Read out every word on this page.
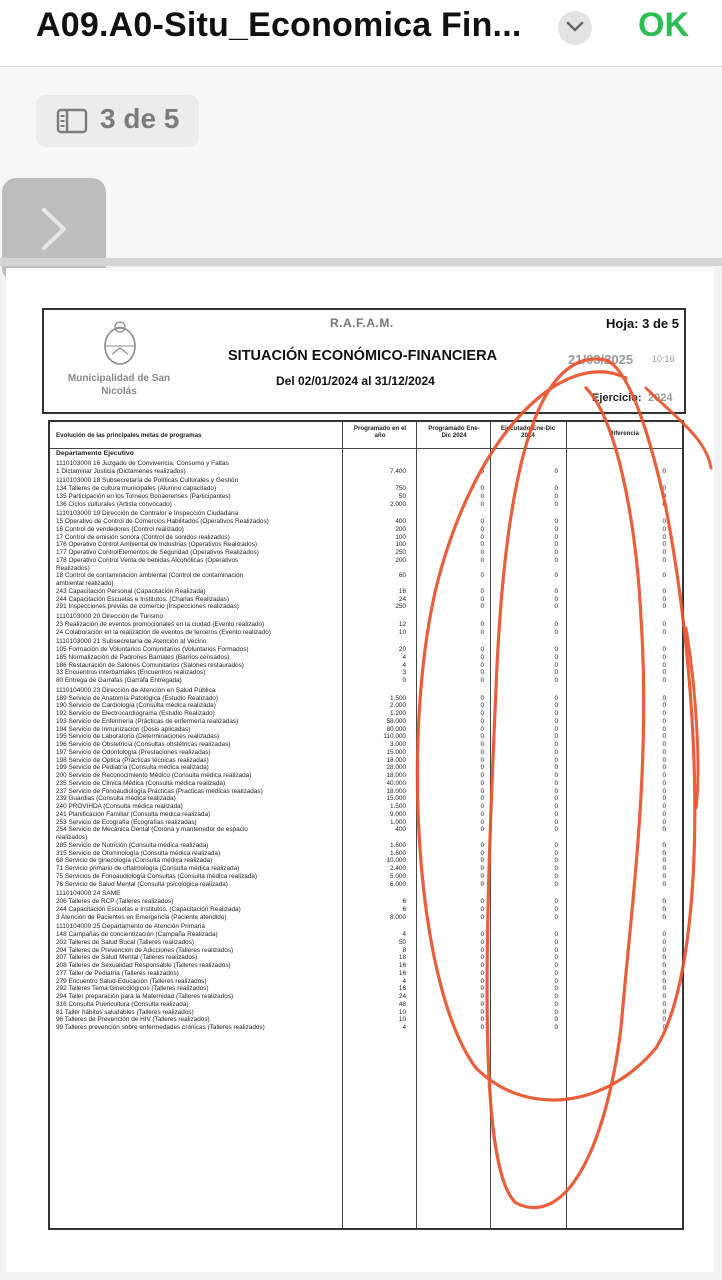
A09.A0-Situ_Economica Fin...	OK
3 de 5
Municipalidad de San Nicolás
R.A.F.A.M.	Hoja: 3 de 5
SITUACIÓN ECONÓMICO-FINANCIERA	21/03/2025 10:16
Del 02/01/2024 al 31/12/2024
Ejercicio: 2024
Evolución de las principales metas de programas
Programado en el año
Programado Ene-Dic 2024
Ejecutado Ene-Dic 2024	Diferencia
Departamento Ejecutivo
1110103000 16 Juzgado de Convivencia, Consumo y Faltas
1 Dictaminar Justicia (Dictámenes realizados)	7.400	0	0	0
1110103000 18 Subsecretaría de Políticas Culturales y Gestión
134 Talleres de cultura municipales (Alumno capacitado)	750	0	0	0
135 Participación en los Torneos Bonaerenses (Participantes)	50	0	0	0
136 Ciclos culturales (Artista convocado)	2.000	0	0	0
1110103000 19 Dirección de Contralor e Inspección Ciudadana
15 Operativo de Control de Comercios Habilitados (Operativos Realizados)	400	0	0	0
16 Control de vendedores (Control realizado)	200	0	0	0
17 Control de emisión sonora (Control de sonidos realizados)	100	0	0	0
176 Operativo Control Ambiental de Industrias (Operativos Realizados)	100	0	0	0
177 Operativo ControlElementos de Seguridad (Operativos Realizados)	250	0	0	0
178 Operativo Control Venta de bebidas Alcohólicas (Operativos	200	0	0	0
Realizados)
18 Control de contaminación ambiental (Control de contaminación	60	0	0	0
ambiental realizado)
243 Capacitación Personal (Capacitación Realizada)	16	0	0	0
244 Capacitación Escuelas e Institutos. (Charlas Realizadas)	24	0	0	0
291 Inspecciones previas de comercio (Inspecciones realizadas)	250	0	0	0
1110103000 20 Dirección de Turismo
23 Realización de eventos promocionales en la ciudad (Evento realizado)	12	0	0	0
24 Colaboración en la realización de eventos de terceros (Evento realizado)	10	0	0	0
1110103000 21 Subsecretaría de Atención al Vecino
105 Formación de Voluntarios Comunitarios (Voluntarios Formados)	20	0	0	0
185 Normalización de Padrones Barriales (Barrios censados)	4	0	0	0
186 Restauración de Salones Comunitarios (Salones restaurados)	4	0	0	0
33 Encuentros interbarriales (Encuentros realizados)	3	0	0	0
80 Entrega de Garrafas (Garrafa Entregada)	0	0	0	0
1110104000 23 Dirección de Atención en Salud Pública
189 Servicio de Anatomía Patológica (Estudio Realizado)	1.500	0	0	0
190 Servicio de Cardiología (Consulta médica realizada)	2.000	0	0	0
192 Servicio de Electrocardiograma (Estudio Realizado)	1.200	0	0	0
193 Servicio de Enfermería (Prácticas de enfermería realizadas)	58.000	0	0	0
194 Servicio de Inmunización (Dosis aplicadas)	80.000	0	0	0
195 Servicio de Laboratorio (Determinaciones realizadas)	110.000	0	0	0
196 Servicio de Obstetricia (Consultas obstétricas realizadas)	3.000	0	0	0
197 Servicio de Odontología (Prestaciones realizadas)	15.000	0	0	0
198 Servicio de Optica (Prácticas técnicas realizadas)	18.000	0	0	0
199 Servicio de Pediatría (Consulta médica realizada)	28.000	0	0	0
200 Servicio de Reconocimiento Médico (Consulta médica realizada)	18.000	0	0	0
235 Servicio de Clínica Médica (Consulta médica realizada)	40.000	0	0	0
237 Servicio de Fonoaudiología Prácticas (Practicas médicas realizadas)	18.000	0	0	0
239 Guardias (Consulta médica realizada)	15.000	0	0	0
240 PROVIHDA (Consulta médica realizada)	1.500	0	0	0
241 Planificación Familiar (Consulta médica realizada)	9.000	0	0	0
253 Servicio de Ecografía (Ecografías realizadas)	1.000	0	0	0
254 Servicio de Mecánica Dental (Corona y mantenedor de espacio	400	0	0	0
realizados)
285 Servicio de Nutrición (Consulta médica realizada)	1.600	0	0	0
315 Servicio de Otorrinología (Consulta médica realizada)	1.600	0	0	0
68 Servicio de ginecología (Consulta médica realizada)	10.000	0	0	0
71 Servicio primario de oftalmología (Consulta médica realizada)	2.400	0	0	0
75 Servicios de Fonoaudiología Consultas (Consulta médica realizada)	5.000	0	0	0
76 Servicio de Salud Mental (Consulta psicológica realizada)	6.000	0	0	0
1110104000 24 SAME
206 Talleres de RCP (Talleres realizados)	6	0	0	0
244 Capacitación Escuelas e Institutos. (Capacitación Realizada)	6	0	0	0
3 Atención de Pacientes en Emergencia (Paciente atendido)	8.000	0	0	0
1110104000 25 Departamento de Atención Primaria
148 Campañas de concientización (Campaña Realizada)	4	0	0	0
202 Talleres de Salud Bucal (Talleres realizados)	50	0	0	0
204 Talleres de Prevención de Adicciones (Talleres realizados)	8	0	0	0
207 Talleres de Salud Mental (Talleres realizados)	18	0	0	0
208 Talleres de Sexualidad Responsable (Talleres realizados)	16	0	0	0
277 Taller de Pediatría (Talleres realizados)	16	0	0	0
279 Encuentro Salud-Educación (Talleres realizados)	4	0	0	0
292 Talleres Tema Ginecológicos (Talleres realizados)	16	0	0	0
294 Taller preparación para la Maternidad (Talleres realizados)	24	0	0	0
316 Consulta Puericultura (Consulta realizada)	48	0	0	0
81 Taller hábitos saludables (Talleres realizados)	10	0	0	0
96 Talleres de Prevención de HIV (Talleres realizados)	10	0	0	0
99 Talleres prevención sobre enfermedades crónicas (Talleres realizados)	4	0	0	0
